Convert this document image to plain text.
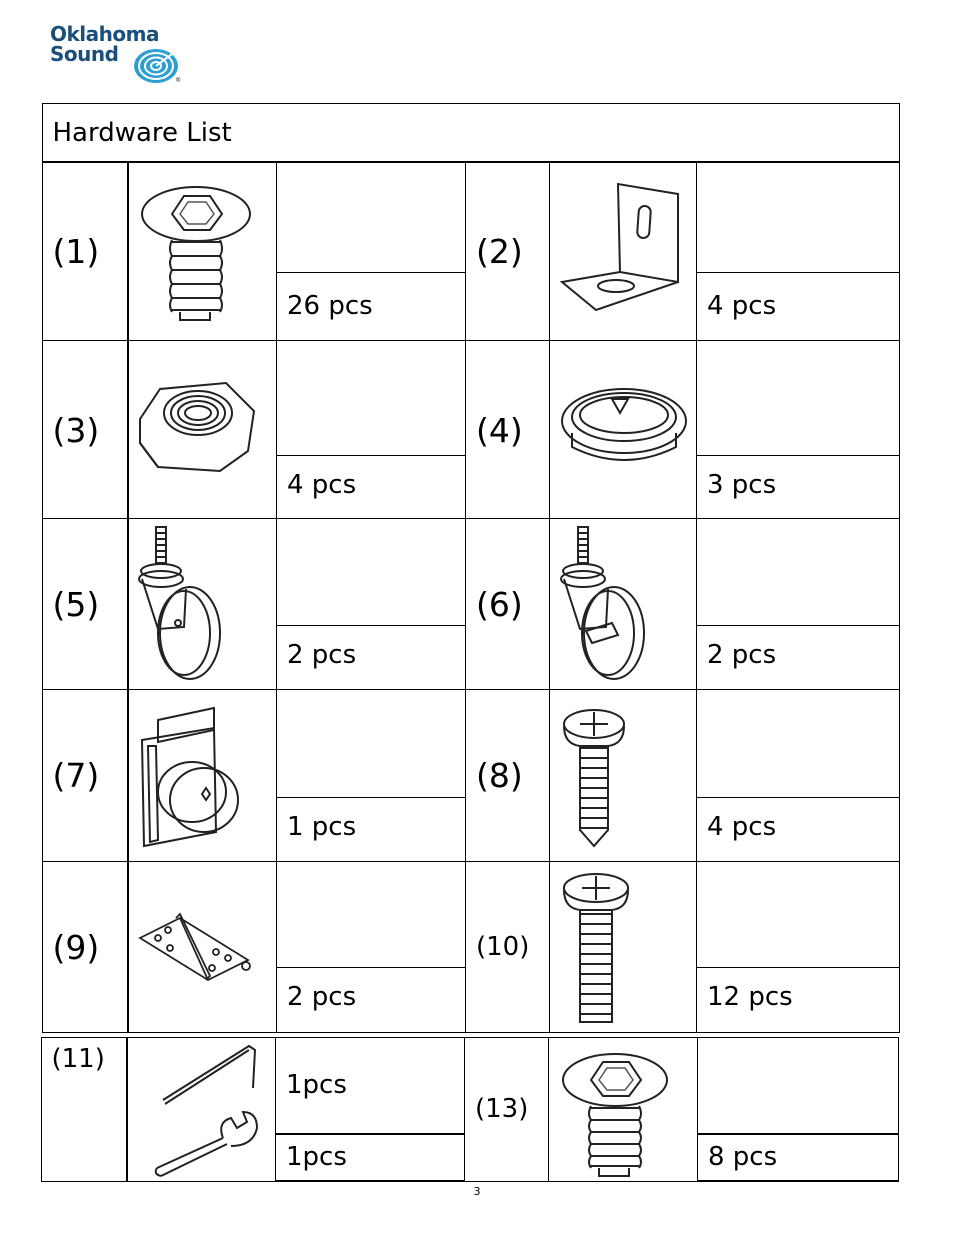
Oklahoma
Sound
®
Hardware List
(1)
26 pcs
(2)
4 pcs
(3)
4 pcs
(4)
3 pcs
(5)
2 pcs
(6)
2 pcs
(7)
1 pcs
(8)
4 pcs
(9)
2 pcs
(10)
12 pcs
(11)
1pcs
1pcs
(13)
8 pcs
3
